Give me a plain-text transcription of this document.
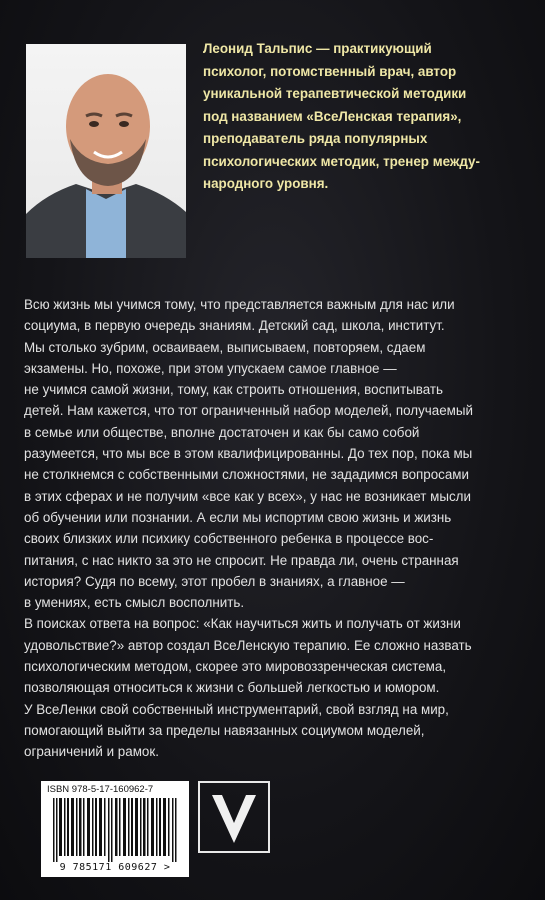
Леонид Тальпис — практикующий
психолог, потомственный врач, автор
уникальной терапевтической методики
под названием «ВсеЛенская терапия»,
преподаватель ряда популярных
психологических методик, тренер между-
народного уровня.

Всю жизнь мы учимся тому, что представляется важным для нас или
социума, в первую очередь знаниям. Детский сад, школа, институт.
Мы столько зубрим, осваиваем, выписываем, повторяем, сдаем
экзамены. Но, похоже, при этом упускаем самое главное —
не учимся самой жизни, тому, как строить отношения, воспитывать
детей. Нам кажется, что тот ограниченный набор моделей, получаемый
в семье или обществе, вполне достаточен и как бы само собой
разумеется, что мы все в этом квалифицированны. До тех пор, пока мы
не столкнемся с собственными сложностями, не зададимся вопросами
в этих сферах и не получим «все как у всех», у нас не возникает мысли
об обучении или познании. А если мы испортим свою жизнь и жизнь
своих близких или психику собственного ребенка в процессе вос-
питания, с нас никто за это не спросит. Не правда ли, очень странная
история? Судя по всему, этот пробел в знаниях, а главное —
в умениях, есть смысл восполнить.

В поисках ответа на вопрос: «Как научиться жить и получать от жизни
удовольствие?» автор создал ВсеЛенскую терапию. Ее сложно назвать
психологическим методом, скорее это мировоззренческая система,
позволяющая относиться к жизни с большей легкостью и юмором.

У ВсеЛенки свой собственный инструментарий, свой взгляд на мир,
помогающий выйти за пределы навязанных социумом моделей,
ограничений и рамок.

ISBN 978-5-17-160962-7
9 785171 609627 >
